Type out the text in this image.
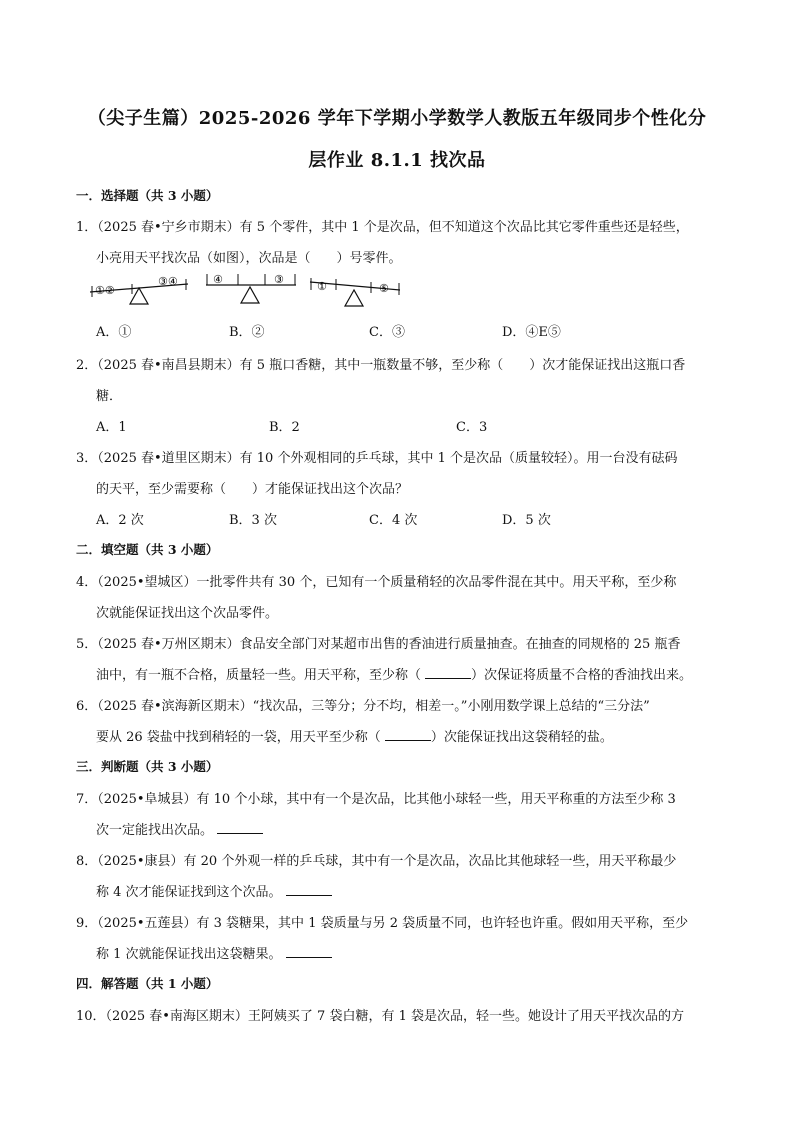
（尖子生篇）2025-2026 学年下学期小学数学人教版五年级同步个性化分
层作业 8.1.1 找次品
一．选择题（共 3 小题）
1．（2025 春•宁乡市期末）有 5 个零件，其中 1 个是次品，但不知道这个次品比其它零件重些还是轻些，
小亮用天平找次品（如图），次品是（　　）号零件。
①②
③④	④	③
①	⑤
A．①	B．②	C．③	D．④E⑤
2．（2025 春•南昌县期末）有 5 瓶口香糖，其中一瓶数量不够，至少称（　　）次才能保证找出这瓶口香
糖．
A．1	B．2	C．3
3．（2025 春•道里区期末）有 10 个外观相同的乒乓球，其中 1 个是次品（质量较轻）。用一台没有砝码
的天平，至少需要称（　　）才能保证找出这个次品？
A．2 次	B．3 次	C．4 次	D．5 次
二．填空题（共 3 小题）
4．（2025•望城区）一批零件共有 30 个，已知有一个质量稍轻的次品零件混在其中。用天平称，至少称
次就能保证找出这个次品零件。
5．（2025 春•万州区期末）食品安全部门对某超市出售的香油进行质量抽查。在抽查的同规格的 25 瓶香
油中，有一瓶不合格，质量轻一些。用天平称，至少称（	）次保证将质量不合格的香油找出来。
6．（2025 春•滨海新区期末）“找次品，三等分；分不均，相差一。”小刚用数学课上总结的“三分法”
要从 26 袋盐中找到稍轻的一袋，用天平至少称（	）次能保证找出这袋稍轻的盐。
三．判断题（共 3 小题）
7．（2025•阜城县）有 10 个小球，其中有一个是次品，比其他小球轻一些，用天平称重的方法至少称 3
次一定能找出次品。
8．（2025•康县）有 20 个外观一样的乒乓球，其中有一个是次品，次品比其他球轻一些，用天平称最少
称 4 次才能保证找到这个次品。
9．（2025•五莲县）有 3 袋糖果，其中 1 袋质量与另 2 袋质量不同，也许轻也许重。假如用天平称，至少
称 1 次就能保证找出这袋糖果。
四．解答题（共 1 小题）
10．（2025 春•南海区期末）王阿姨买了 7 袋白糖，有 1 袋是次品，轻一些。她设计了用天平找次品的方
